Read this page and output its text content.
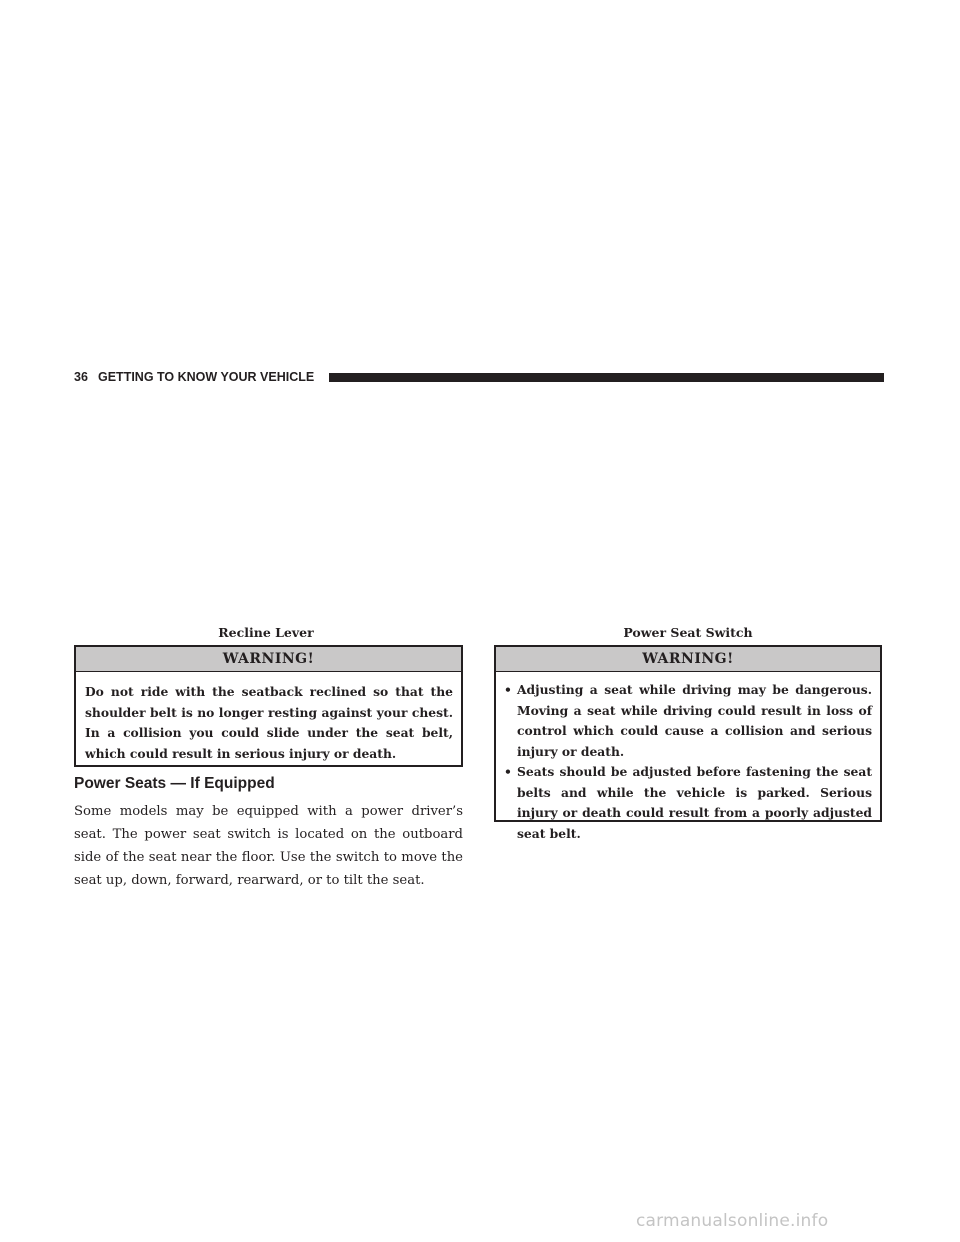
36 GETTING TO KNOW YOUR VEHICLE
Recline Lever	Power Seat Switch
WARNING!

Do not ride with the seatback reclined so that the shoulder belt is no longer resting against your chest. In a collision you could slide under the seat belt, which could result in serious injury or death.

Power Seats — If Equipped

Some models may be equipped with a power driver’s seat. The power seat switch is located on the outboard side of the seat near the floor. Use the switch to move the seat up, down, forward, rearward, or to tilt the seat.

WARNING!
• Adjusting a seat while driving may be dangerous. Moving a seat while driving could result in loss of control which could cause a collision and serious injury or death.
• Seats should be adjusted before fastening the seat belts and while the vehicle is parked. Serious injury or death could result from a poorly adjusted seat belt.
carmanualsonline.info
